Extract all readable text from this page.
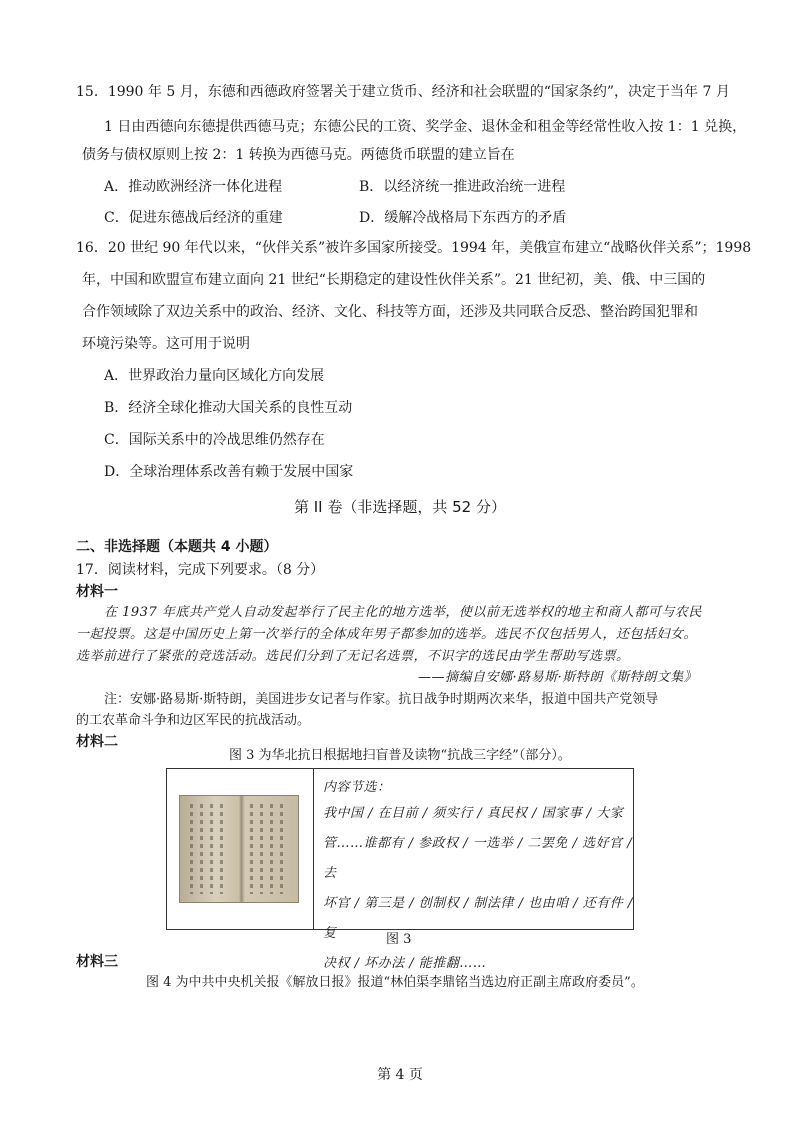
15．1990 年 5 月，东德和西德政府签署关于建立货币、经济和社会联盟的“国家条约”，决定于当年 7 月
1 日由西德向东德提供西德马克；东德公民的工资、奖学金、退休金和租金等经常性收入按 1：1 兑换，
债务与债权原则上按 2：1 转换为西德马克。两德货币联盟的建立旨在
A．推动欧洲经济一体化进程	B．以经济统一推进政治统一进程
C．促进东德战后经济的重建	D．缓解冷战格局下东西方的矛盾
16．20 世纪 90 年代以来，“伙伴关系”被许多国家所接受。1994 年，美俄宣布建立“战略伙伴关系”；1998
年，中国和欧盟宣布建立面向 21 世纪“长期稳定的建设性伙伴关系”。21 世纪初，美、俄、中三国的
合作领域除了双边关系中的政治、经济、文化、科技等方面，还涉及共同联合反恐、整治跨国犯罪和
环境污染等。这可用于说明
A．世界政治力量向区域化方向发展
B．经济全球化推动大国关系的良性互动
C．国际关系中的冷战思维仍然存在
D．全球治理体系改善有赖于发展中国家
第 II 卷（非选择题，共 52 分）
二、非选择题（本题共 4 小题）
17．阅读材料，完成下列要求。（8 分）
材料一
在 1937 年底共产党人自动发起举行了民主化的地方选举，使以前无选举权的地主和商人都可与农民
一起投票。这是中国历史上第一次举行的全体成年男子都参加的选举。选民不仅包括男人，还包括妇女。
选举前进行了紧张的竞选活动。选民们分到了无记名选票，不识字的选民由学生帮助写选票。
——摘编自安娜·路易斯·斯特朗《斯特朗文集》
注：安娜·路易斯·斯特朗，美国进步女记者与作家。抗日战争时期两次来华，报道中国共产党领导
的工农革命斗争和边区军民的抗战活动。
材料二
图 3 为华北抗日根据地扫盲普及读物“抗战三字经”（部分）。
内容节选：
我中国 / 在目前 / 须实行 / 真民权 / 国家事 / 大家
管……谁都有 / 参政权 / 一选举 / 二罢免 / 选好官 / 去
坏官 / 第三是 / 创制权 / 制法律 / 也由咱 / 还有件 / 复
决权 / 坏办法 / 能推翻……
图 3
材料三
图 4 为中共中央机关报《解放日报》报道“林伯渠李鼎铭当选边府正副主席政府委员”。
第 4 页
